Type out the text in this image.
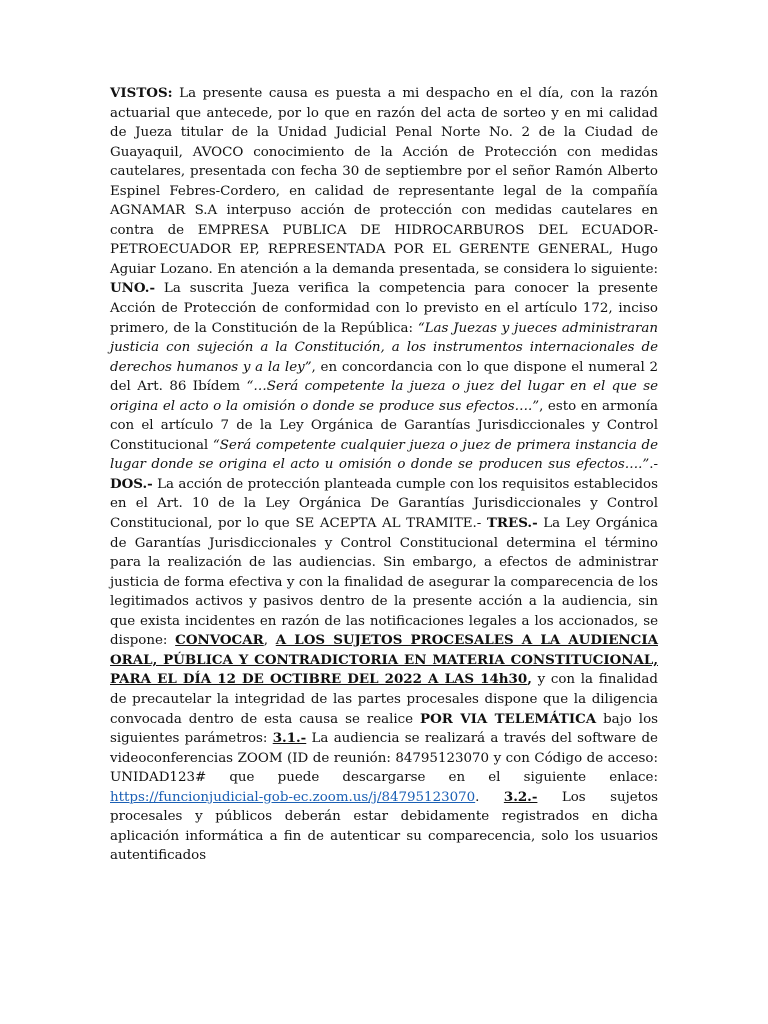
VISTOS: La presente causa es puesta a mi despacho en el día, con la razón actuarial que antecede, por lo que en razón del acta de sorteo y en mi calidad de Jueza titular de la Unidad Judicial Penal Norte No. 2 de la Ciudad de Guayaquil, AVOCO conocimiento de la Acción de Protección con medidas cautelares, presentada con fecha 30 de septiembre por el señor Ramón Alberto Espinel Febres-Cordero, en calidad de representante legal de la compañía AGNAMAR S.A interpuso acción de protección con medidas cautelares en contra de EMPRESA PUBLICA DE HIDROCARBUROS DEL ECUADOR- PETROECUADOR EP, REPRESENTADA POR EL GERENTE GENERAL, Hugo Aguiar Lozano. En atención a la demanda presentada, se considera lo siguiente: UNO.- La suscrita Jueza verifica la competencia para conocer la presente Acción de Protección de conformidad con lo previsto en el artículo 172, inciso primero, de la Constitución de la República: “Las Juezas y jueces administraran justicia con sujeción a la Constitución, a los instrumentos internacionales de derechos humanos y a la ley”, en concordancia con lo que dispone el numeral 2 del Art. 86 Ibídem “…Será competente la jueza o juez del lugar en el que se origina el acto o la omisión o donde se produce sus efectos….”, esto en armonía con el artículo 7 de la Ley Orgánica de Garantías Jurisdiccionales y Control Constitucional “Será competente cualquier jueza o juez de primera instancia de lugar donde se origina el acto u omisión o donde se producen sus efectos….”.- DOS.- La acción de protección planteada cumple con los requisitos establecidos en el Art. 10 de la Ley Orgánica De Garantías Jurisdiccionales y Control Constitucional, por lo que SE ACEPTA AL TRAMITE.- TRES.- La Ley Orgánica de Garantías Jurisdiccionales y Control Constitucional determina el término para la realización de las audiencias. Sin embargo, a efectos de administrar justicia de forma efectiva y con la finalidad de asegurar la comparecencia de los legitimados activos y pasivos dentro de la presente acción a la audiencia, sin que exista incidentes en razón de las notificaciones legales a los accionados, se dispone: CONVOCAR, A LOS SUJETOS PROCESALES A LA AUDIENCIA ORAL, PÚBLICA Y CONTRADICTORIA EN MATERIA CONSTITUCIONAL, PARA EL DÍA 12 DE OCTIBRE DEL 2022 A LAS 14h30, y con la finalidad de precautelar la integridad de las partes procesales dispone que la diligencia convocada dentro de esta causa se realice POR VIA TELEMÁTICA bajo los siguientes parámetros: 3.1.- La audiencia se realizará a través del software de videoconferencias ZOOM (ID de reunión: 84795123070 y con Código de acceso: UNIDAD123# que puede descargarse en el siguiente enlace: https://funcionjudicial-gob-ec.zoom.us/j/84795123070. 3.2.- Los sujetos procesales y públicos deberán estar debidamente registrados en dicha aplicación informática a fin de autenticar su comparecencia, solo los usuarios autentificados
